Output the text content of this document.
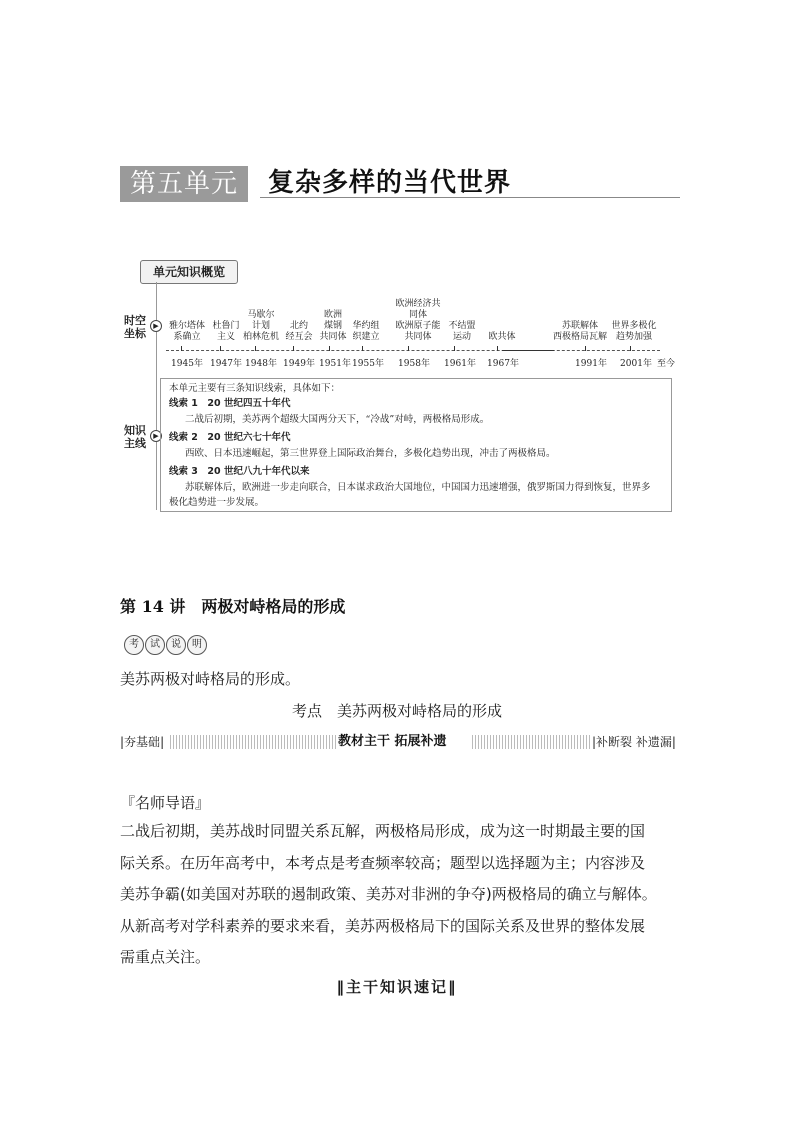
第五单元	复杂多样的当代世界
单元知识概览
时空
坐标
▶
知识
主线
▶
雅尔塔体
系确立
杜鲁门
主义
马歇尔
计划
柏林危机
北约
经互会
欧洲
煤钢
共同体
华约组
织建立
欧洲经济共
同体
欧洲原子能
共同体
不结盟
运动	欧共体
苏联解体
西极格局瓦解
世界多极化
趋势加强
1945年 1947年 1948年 1949年 1951年 1955年 1958年 1961年 1967年	1991年 2001年 至今
本单元主要有三条知识线索，具体如下：
线索 1　20 世纪四五十年代
二战后初期，美苏两个超级大国两分天下，“冷战”对峙，两极格局形成。
线索 2　20 世纪六七十年代
西欧、日本迅速崛起，第三世界登上国际政治舞台，多极化趋势出现，冲击了两极格局。
线索 3　20 世纪八九十年代以来
苏联解体后，欧洲进一步走向联合，日本谋求政治大国地位，中国国力迅速增强，俄罗斯国力得到恢复，世界多
极化趋势进一步发展。
第 14 讲　两极对峙格局的形成
考 试 说 明
美苏两极对峙格局的形成。
考点　美苏两极对峙格局的形成
|夯基础|	教材主干 拓展补遗	|补断裂 补遗漏|
『名师导语』
二战后初期，美苏战时同盟关系瓦解，两极格局形成，成为这一时期最主要的国
际关系。在历年高考中，本考点是考查频率较高；题型以选择题为主；内容涉及
美苏争霸(如美国对苏联的遏制政策、美苏对非洲的争夺)两极格局的确立与解体。
从新高考对学科素养的要求来看，美苏两极格局下的国际关系及世界的整体发展
需重点关注。
‖主干知识速记‖
